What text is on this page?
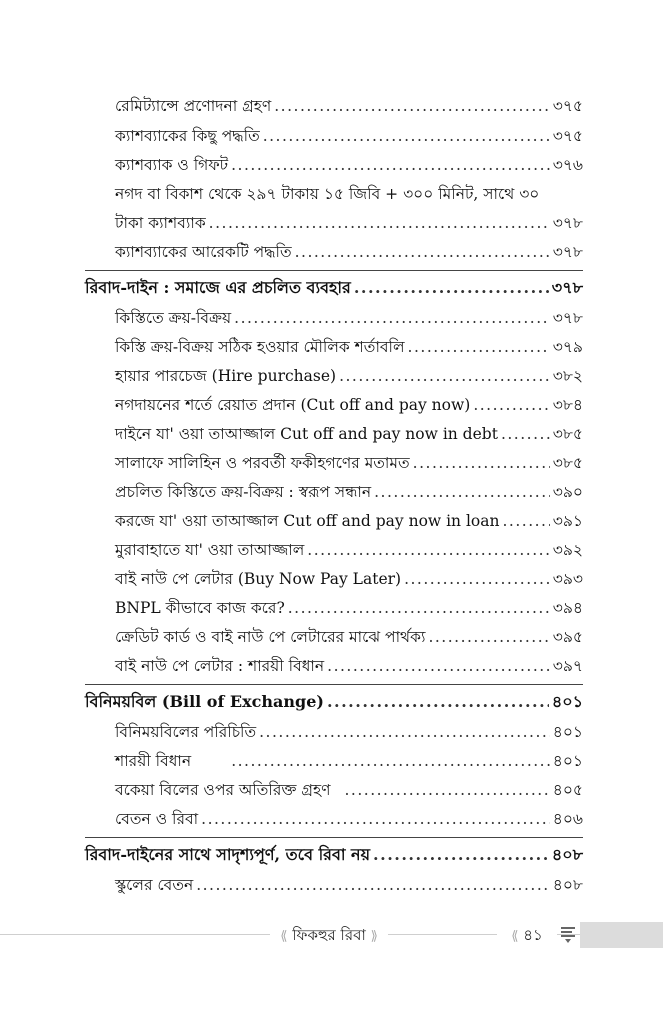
রেমিট্যান্সে প্রণোদনা গ্রহণ .....	৩৭৫
ক্যাশব্যাকের কিছু পদ্ধতি .....	৩৭৫
ক্যাশব্যাক ও গিফট .....	৩৭৬
নগদ বা বিকাশ থেকে ২৯৭ টাকায় ১৫ জিবি + ৩০০ মিনিট, সাথে ৩০
টাকা ক্যাশব্যাক .....	৩৭৮
ক্যাশব্যাকের আরেকটি পদ্ধতি .....	৩৭৮
রিবাদ-দাইন : সমাজে এর প্রচলিত ব্যবহার .....	৩৭৮
কিস্তিতে ক্রয়-বিক্রয় .....	৩৭৮
কিস্তি ক্রয়-বিক্রয় সঠিক হওয়ার মৌলিক শর্তাবলি .....	৩৭৯
হায়ার পারচেজ (Hire purchase) .....	৩৮২
নগদায়নের শর্তে রেয়াত প্রদান (Cut off and pay now) .....	৩৮৪
দাইনে যা' ওয়া তাআজ্জাল Cut off and pay now in debt .....	৩৮৫
সালাফে সালিহিন ও পরবর্তী ফকীহগণের মতামত .....	৩৮৫
প্রচলিত কিস্তিতে ক্রয়-বিক্রয় : স্বরূপ সন্ধান .....	৩৯০
করজে যা' ওয়া তাআজ্জাল Cut off and pay now in loan .....	৩৯১
মুরাবাহাতে যা' ওয়া তাআজ্জাল .....	৩৯২
বাই নাউ পে লেটার (Buy Now Pay Later) .....	৩৯৩
BNPL কীভাবে কাজ করে? .....	৩৯৪
ক্রেডিট কার্ড ও বাই নাউ পে লেটারের মাঝে পার্থক্য .....	৩৯৫
বাই নাউ পে লেটার : শারয়ী বিধান .....	৩৯৭
বিনিময়বিল (Bill of Exchange) .....	৪০১
বিনিময়বিলের পরিচিতি .....	৪০১
শারয়ী বিধান .....	৪০১
বকেয়া বিলের ওপর অতিরিক্ত গ্রহণ .....	৪০৫
বেতন ও রিবা .....	৪০৬
রিবাদ-দাইনের সাথে সাদৃশ্যপূর্ণ, তবে রিবা নয় .....	৪০৮
স্কুলের বেতন .....	৪০৮
⟪ ফিকহুর রিবা ⟫	⟪ ৪১
